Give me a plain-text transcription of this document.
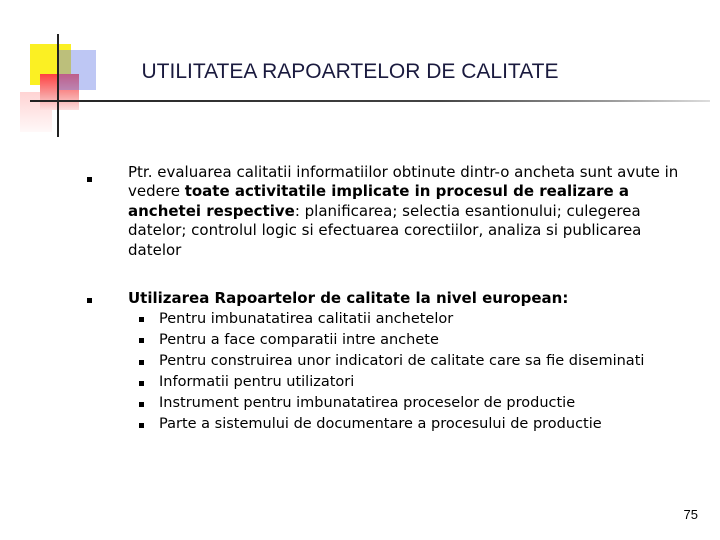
UTILITATEA RAPOARTELOR DE CALITATE
Ptr. evaluarea calitatii informatiilor obtinute dintr-o ancheta sunt avute in vedere toate activitatile implicate in procesul de realizare a anchetei respective: planificarea; selectia esantionului; culegerea datelor; controlul logic si efectuarea corectiilor, analiza si publicarea datelor
Utilizarea Rapoartelor de calitate la nivel european:
Pentru imbunatatirea calitatii anchetelor
Pentru a face comparatii intre anchete
Pentru construirea unor indicatori de calitate care sa fie diseminati
Informatii pentru utilizatori
Instrument pentru imbunatatirea proceselor de productie
Parte a sistemului de documentare a procesului de productie
75
